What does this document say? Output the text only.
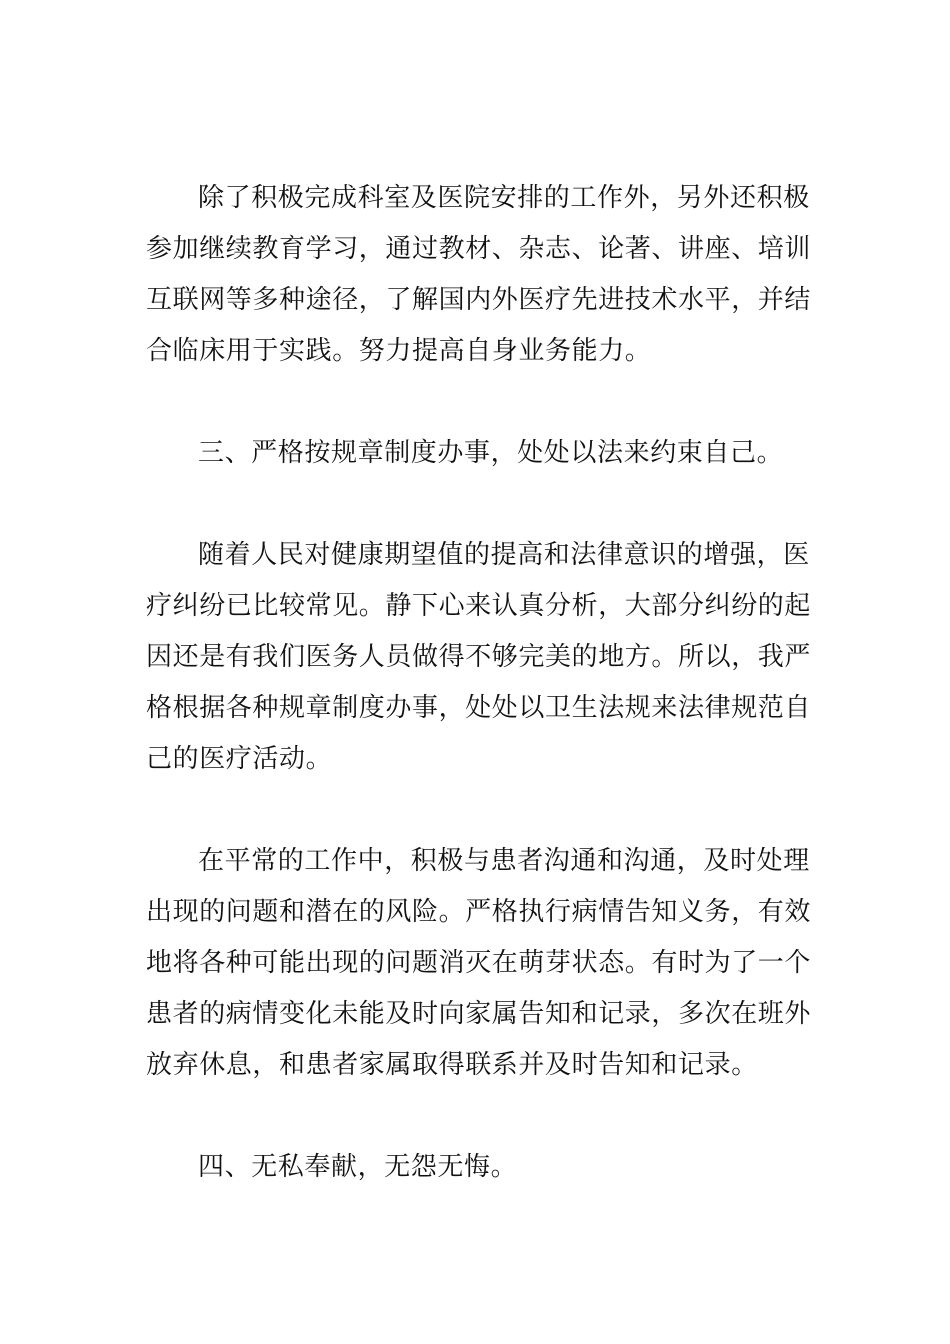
除了积极完成科室及医院安排的工作外，另外还积极
参加继续教育学习，通过教材、杂志、论著、讲座、培训
互联网等多种途径，了解国内外医疗先进技术水平，并结
合临床用于实践。努力提高自身业务能力。
三、严格按规章制度办事，处处以法来约束自己。
随着人民对健康期望值的提高和法律意识的增强，医
疗纠纷已比较常见。静下心来认真分析，大部分纠纷的起
因还是有我们医务人员做得不够完美的地方。所以，我严
格根据各种规章制度办事，处处以卫生法规来法律规范自
己的医疗活动。
在平常的工作中，积极与患者沟通和沟通，及时处理
出现的问题和潜在的风险。严格执行病情告知义务，有效
地将各种可能出现的问题消灭在萌芽状态。有时为了一个
患者的病情变化未能及时向家属告知和记录，多次在班外
放弃休息，和患者家属取得联系并及时告知和记录。
四、无私奉献，无怨无悔。
